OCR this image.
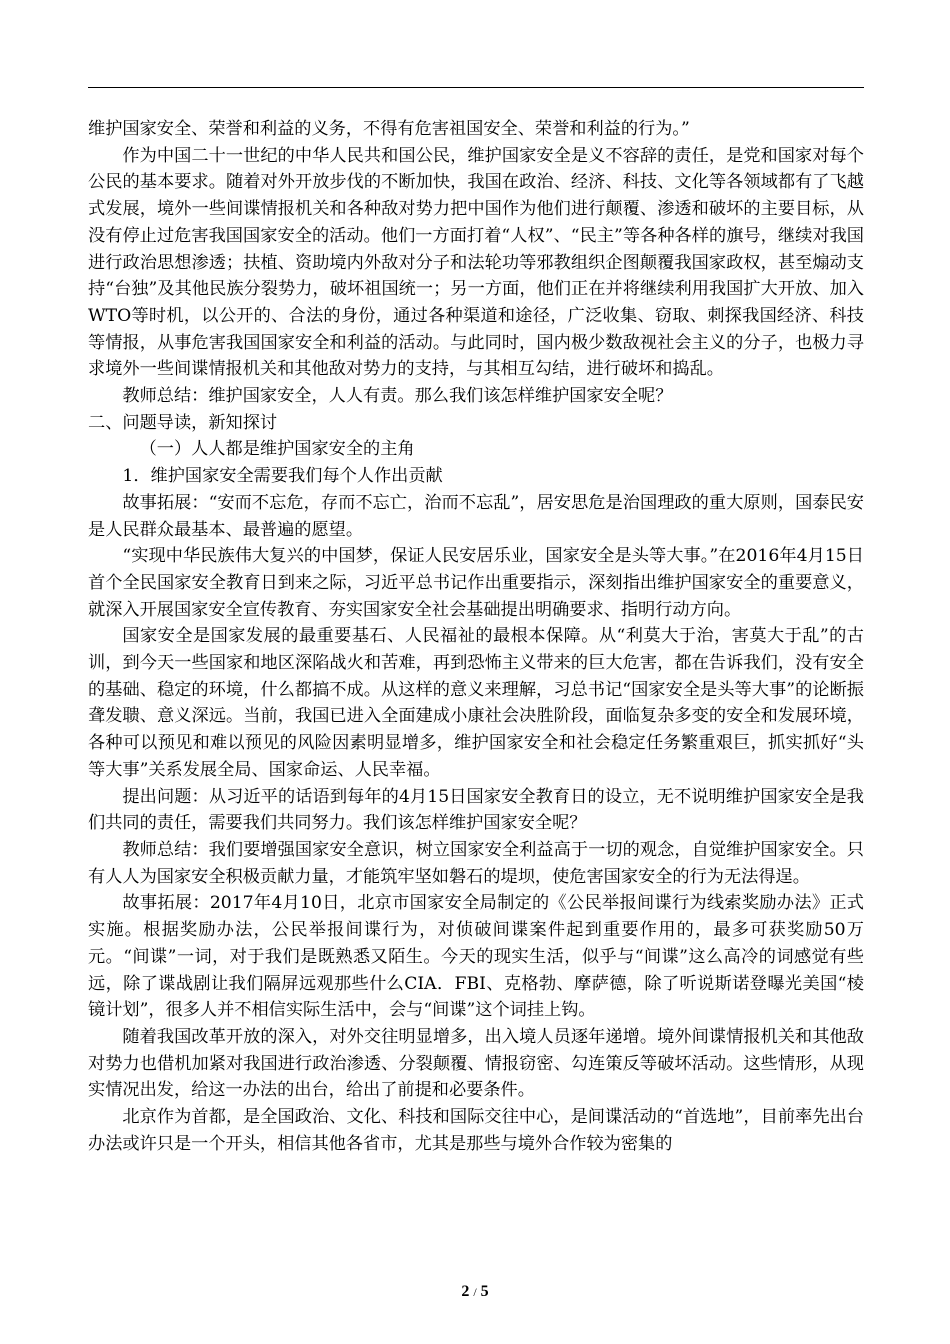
维护国家安全、荣誉和利益的义务，不得有危害祖国安全、荣誉和利益的行为。”

作为中国二十一世纪的中华人民共和国公民，维护国家安全是义不容辞的责任，是党和国家对每个公民的基本要求。随着对外开放步伐的不断加快，我国在政治、经济、科技、文化等各领域都有了飞越式发展，境外一些间谍情报机关和各种敌对势力把中国作为他们进行颠覆、渗透和破坏的主要目标，从没有停止过危害我国国家安全的活动。他们一方面打着“人权”、“民主”等各种各样的旗号，继续对我国进行政治思想渗透；扶植、资助境内外敌对分子和法轮功等邪教组织企图颠覆我国家政权，甚至煽动支持“台独”及其他民族分裂势力，破坏祖国统一；另一方面，他们正在并将继续利用我国扩大开放、加入WTO等时机，以公开的、合法的身份，通过各种渠道和途径，广泛收集、窃取、刺探我国经济、科技等情报，从事危害我国国家安全和利益的活动。与此同时，国内极少数敌视社会主义的分子，也极力寻求境外一些间谍情报机关和其他敌对势力的支持，与其相互勾结，进行破坏和捣乱。

教师总结：维护国家安全，人人有责。那么我们该怎样维护国家安全呢？

二、问题导读，新知探讨

（一）人人都是维护国家安全的主角

1．维护国家安全需要我们每个人作出贡献

故事拓展：“安而不忘危，存而不忘亡，治而不忘乱”，居安思危是治国理政的重大原则，国泰民安是人民群众最基本、最普遍的愿望。

“实现中华民族伟大复兴的中国梦，保证人民安居乐业，国家安全是头等大事。”在2016年4月15日首个全民国家安全教育日到来之际，习近平总书记作出重要指示，深刻指出维护国家安全的重要意义，就深入开展国家安全宣传教育、夯实国家安全社会基础提出明确要求、指明行动方向。

国家安全是国家发展的最重要基石、人民福祉的最根本保障。从“利莫大于治，害莫大于乱”的古训，到今天一些国家和地区深陷战火和苦难，再到恐怖主义带来的巨大危害，都在告诉我们，没有安全的基础、稳定的环境，什么都搞不成。从这样的意义来理解，习总书记“国家安全是头等大事”的论断振聋发聩、意义深远。当前，我国已进入全面建成小康社会决胜阶段，面临复杂多变的安全和发展环境，各种可以预见和难以预见的风险因素明显增多，维护国家安全和社会稳定任务繁重艰巨，抓实抓好“头等大事”关系发展全局、国家命运、人民幸福。

提出问题：从习近平的话语到每年的4月15日国家安全教育日的设立，无不说明维护国家安全是我们共同的责任，需要我们共同努力。我们该怎样维护国家安全呢？

教师总结：我们要增强国家安全意识，树立国家安全利益高于一切的观念，自觉维护国家安全。只有人人为国家安全积极贡献力量，才能筑牢坚如磐石的堤坝，使危害国家安全的行为无法得逞。

故事拓展：2017年4月10日，北京市国家安全局制定的《公民举报间谍行为线索奖励办法》正式实施。根据奖励办法，公民举报间谍行为，对侦破间谍案件起到重要作用的，最多可获奖励50万元。“间谍”一词，对于我们是既熟悉又陌生。今天的现实生活，似乎与“间谍”这么高冷的词感觉有些远，除了谍战剧让我们隔屏远观那些什么CIA．FBI、克格勃、摩萨德，除了听说斯诺登曝光美国“棱镜计划”，很多人并不相信实际生活中，会与“间谍”这个词挂上钩。

随着我国改革开放的深入，对外交往明显增多，出入境人员逐年递增。境外间谍情报机关和其他敌对势力也借机加紧对我国进行政治渗透、分裂颠覆、情报窃密、勾连策反等破坏活动。这些情形，从现实情况出发，给这一办法的出台，给出了前提和必要条件。

北京作为首都，是全国政治、文化、科技和国际交往中心，是间谍活动的“首选地”，目前率先出台办法或许只是一个开头，相信其他各省市，尤其是那些与境外合作较为密集的

2 / 5
